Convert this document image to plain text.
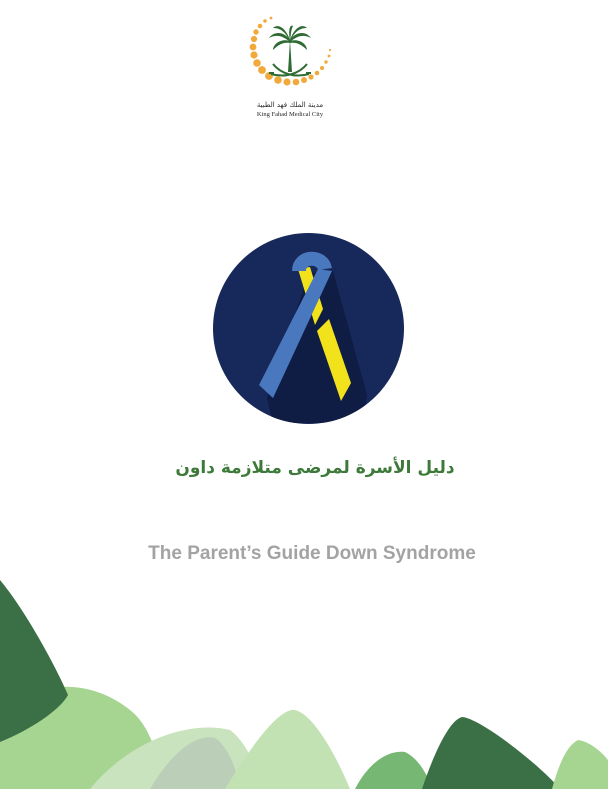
مدينة الملك فهد الطبية
King Fahad Medical City
دليل الأسرة لمرضى متلازمة داون
The Parent’s Guide Down Syndrome
